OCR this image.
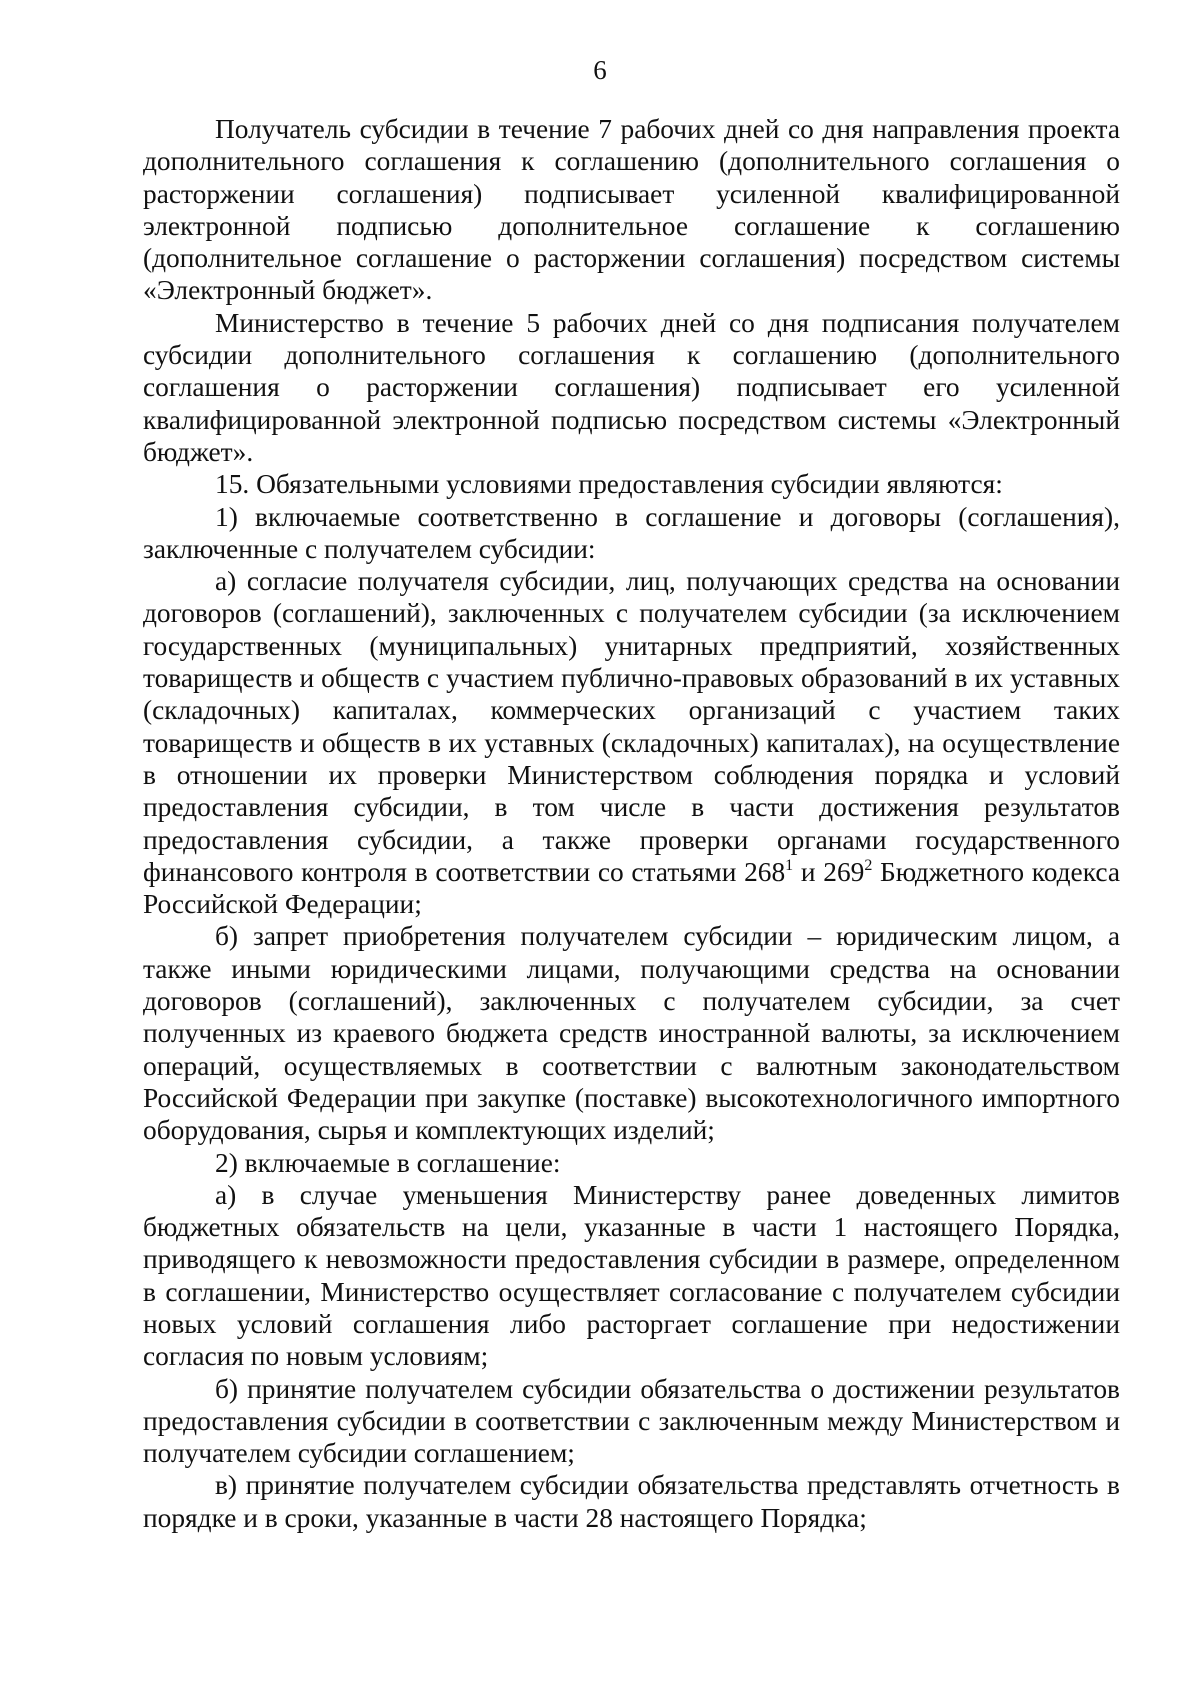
6

Получатель субсидии в течение 7 рабочих дней со дня направления проекта дополнительного соглашения к соглашению (дополнительного соглашения о расторжении соглашения) подписывает усиленной квалифицированной электронной подписью дополнительное соглашение к соглашению (дополнительное соглашение о расторжении соглашения) посредством системы «Электронный бюджет».

Министерство в течение 5 рабочих дней со дня подписания получателем субсидии дополнительного соглашения к соглашению (дополнительного соглашения о расторжении соглашения) подписывает его усиленной квалифицированной электронной подписью посредством системы «Электронный бюджет».

15. Обязательными условиями предоставления субсидии являются:

1) включаемые соответственно в соглашение и договоры (соглашения), заключенные с получателем субсидии:

а) согласие получателя субсидии, лиц, получающих средства на основании договоров (соглашений), заключенных с получателем субсидии (за исключением государственных (муниципальных) унитарных предприятий, хозяйственных товариществ и обществ с участием публично-правовых образований в их уставных (складочных) капиталах, коммерческих организаций с участием таких товариществ и обществ в их уставных (складочных) капиталах), на осуществление в отношении их проверки Министерством соблюдения порядка и условий предоставления субсидии, в том числе в части достижения результатов предоставления субсидии, а также проверки органами государственного финансового контроля в соответствии со статьями $268^1$ и $269^2$ Бюджетного кодекса Российской Федерации;

б) запрет приобретения получателем субсидии – юридическим лицом, а также иными юридическими лицами, получающими средства на основании договоров (соглашений), заключенных с получателем субсидии, за счет полученных из краевого бюджета средств иностранной валюты, за исключением операций, осуществляемых в соответствии с валютным законодательством Российской Федерации при закупке (поставке) высокотехнологичного импортного оборудования, сырья и комплектующих изделий;

2) включаемые в соглашение:

а) в случае уменьшения Министерству ранее доведенных лимитов бюджетных обязательств на цели, указанные в части 1 настоящего Порядка, приводящего к невозможности предоставления субсидии в размере, определенном в соглашении, Министерство осуществляет согласование с получателем субсидии новых условий соглашения либо расторгает соглашение при недостижении согласия по новым условиям;

б) принятие получателем субсидии обязательства о достижении результатов предоставления субсидии в соответствии с заключенным между Министерством и получателем субсидии соглашением;

в) принятие получателем субсидии обязательства представлять отчетность в порядке и в сроки, указанные в части 28 настоящего Порядка;
